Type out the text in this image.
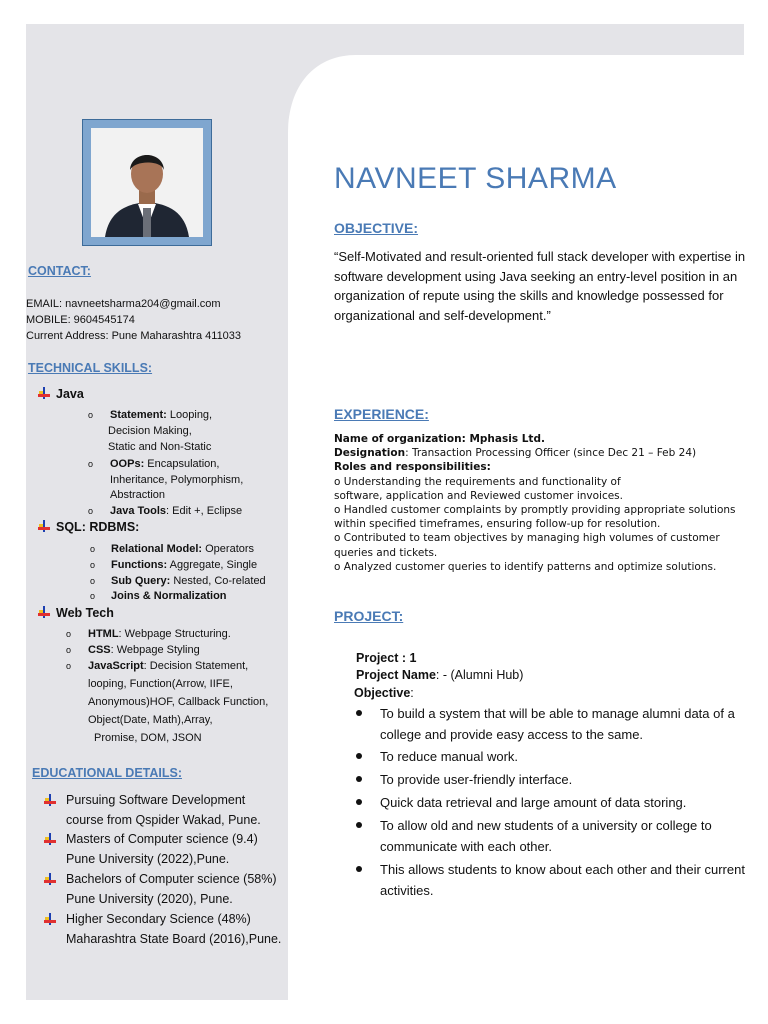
CONTACT:
EMAIL: navneetsharma204@gmail.com
MOBILE: 9604545174
Current Address: Pune Maharashtra 411033
TECHNICAL SKILLS:
Java
o Statement: Looping,
Decision Making,
Static and Non-Static
o OOPs: Encapsulation,
Inheritance, Polymorphism,
Abstraction
o Java Tools: Edit +, Eclipse
SQL: RDBMS:
o Relational Model: Operators
o Functions: Aggregate, Single
o Sub Query: Nested, Co-related
o Joins & Normalization
Web Tech
o HTML: Webpage Structuring.
o CSS: Webpage Styling
o JavaScript: Decision Statement,
looping, Function(Arrow, IIFE,
Anonymous)HOF, Callback Function,
Object(Date, Math),Array,
Promise, DOM, JSON
EDUCATIONAL DETAILS:
Pursuing Software Development
course from Qspider Wakad, Pune.
Masters of Computer science (9.4)
Pune University (2022),Pune.
Bachelors of Computer science (58%)
Pune University (2020), Pune.
Higher Secondary Science (48%)
Maharashtra State Board (2016),Pune.
NAVNEET SHARMA
OBJECTIVE:
“Self-Motivated and result-oriented full stack developer with expertise in software development using Java seeking an entry-level position in an organization of repute using the skills and knowledge possessed for organizational and self-development.”
EXPERIENCE:
Name of organization: Mphasis Ltd.
Designation: Transaction Processing Officer (since Dec 21 – Feb 24)
Roles and responsibilities:
o Understanding the requirements and functionality of
software, application and Reviewed customer invoices.
o Handled customer complaints by promptly providing appropriate solutions
within specified timeframes, ensuring follow-up for resolution.
o Contributed to team objectives by managing high volumes of customer
queries and tickets.
o Analyzed customer queries to identify patterns and optimize solutions.
PROJECT:
Project : 1
Project Name: - (Alumni Hub)
Objective:
To build a system that will be able to manage alumni data of a college and provide easy access to the same.
To reduce manual work.
To provide user-friendly interface.
Quick data retrieval and large amount of data storing.
To allow old and new students of a university or college to communicate with each other.
This allows students to know about each other and their current activities.
